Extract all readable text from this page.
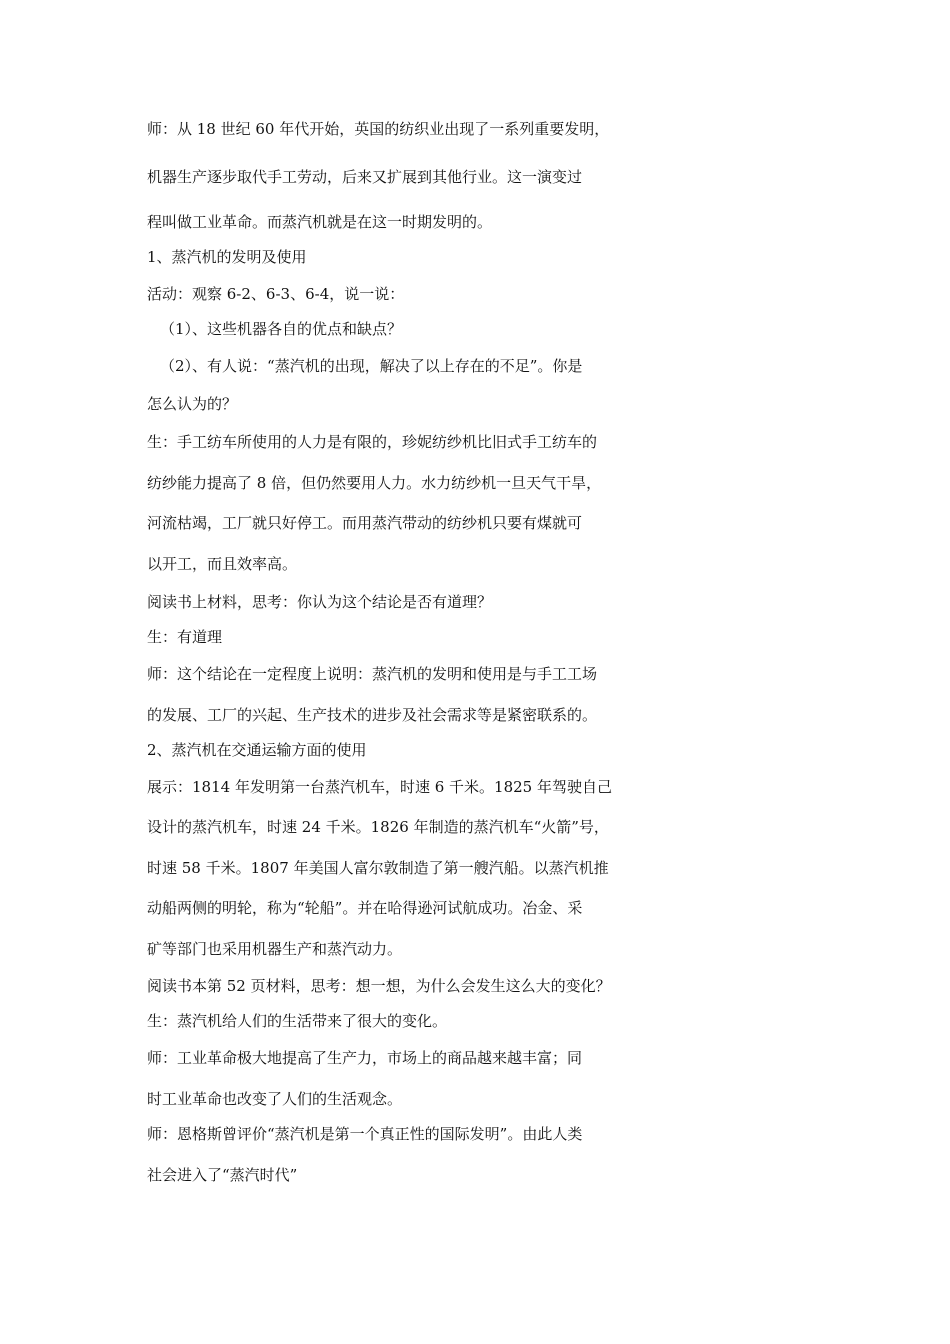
师：从 18 世纪 60 年代开始，英国的纺织业出现了一系列重要发明，
机器生产逐步取代手工劳动，后来又扩展到其他行业。这一演变过
程叫做工业革命。而蒸汽机就是在这一时期发明的。
1、蒸汽机的发明及使用
活动：观察 6-2、6-3、6-4，说一说：
（1）、这些机器各自的优点和缺点？
（2）、有人说：“蒸汽机的出现，解决了以上存在的不足”。你是
怎么认为的？
生：手工纺车所使用的人力是有限的，珍妮纺纱机比旧式手工纺车的
纺纱能力提高了 8 倍，但仍然要用人力。水力纺纱机一旦天气干旱，
河流枯竭，工厂就只好停工。而用蒸汽带动的纺纱机只要有煤就可
以开工，而且效率高。
阅读书上材料，思考：你认为这个结论是否有道理？
生：有道理
师：这个结论在一定程度上说明：蒸汽机的发明和使用是与手工工场
的发展、工厂的兴起、生产技术的进步及社会需求等是紧密联系的。
2、蒸汽机在交通运输方面的使用
展示：1814 年发明第一台蒸汽机车，时速 6 千米。1825 年驾驶自己
设计的蒸汽机车，时速 24 千米。1826 年制造的蒸汽机车“火箭”号，
时速 58 千米。1807 年美国人富尔敦制造了第一艘汽船。以蒸汽机推
动船两侧的明轮，称为“轮船”。并在哈得逊河试航成功。冶金、采
矿等部门也采用机器生产和蒸汽动力。
阅读书本第 52 页材料，思考：想一想，为什么会发生这么大的变化？
生：蒸汽机给人们的生活带来了很大的变化。
师：工业革命极大地提高了生产力，市场上的商品越来越丰富；同
时工业革命也改变了人们的生活观念。
师：恩格斯曾评价“蒸汽机是第一个真正性的国际发明”。由此人类
社会进入了“蒸汽时代”
